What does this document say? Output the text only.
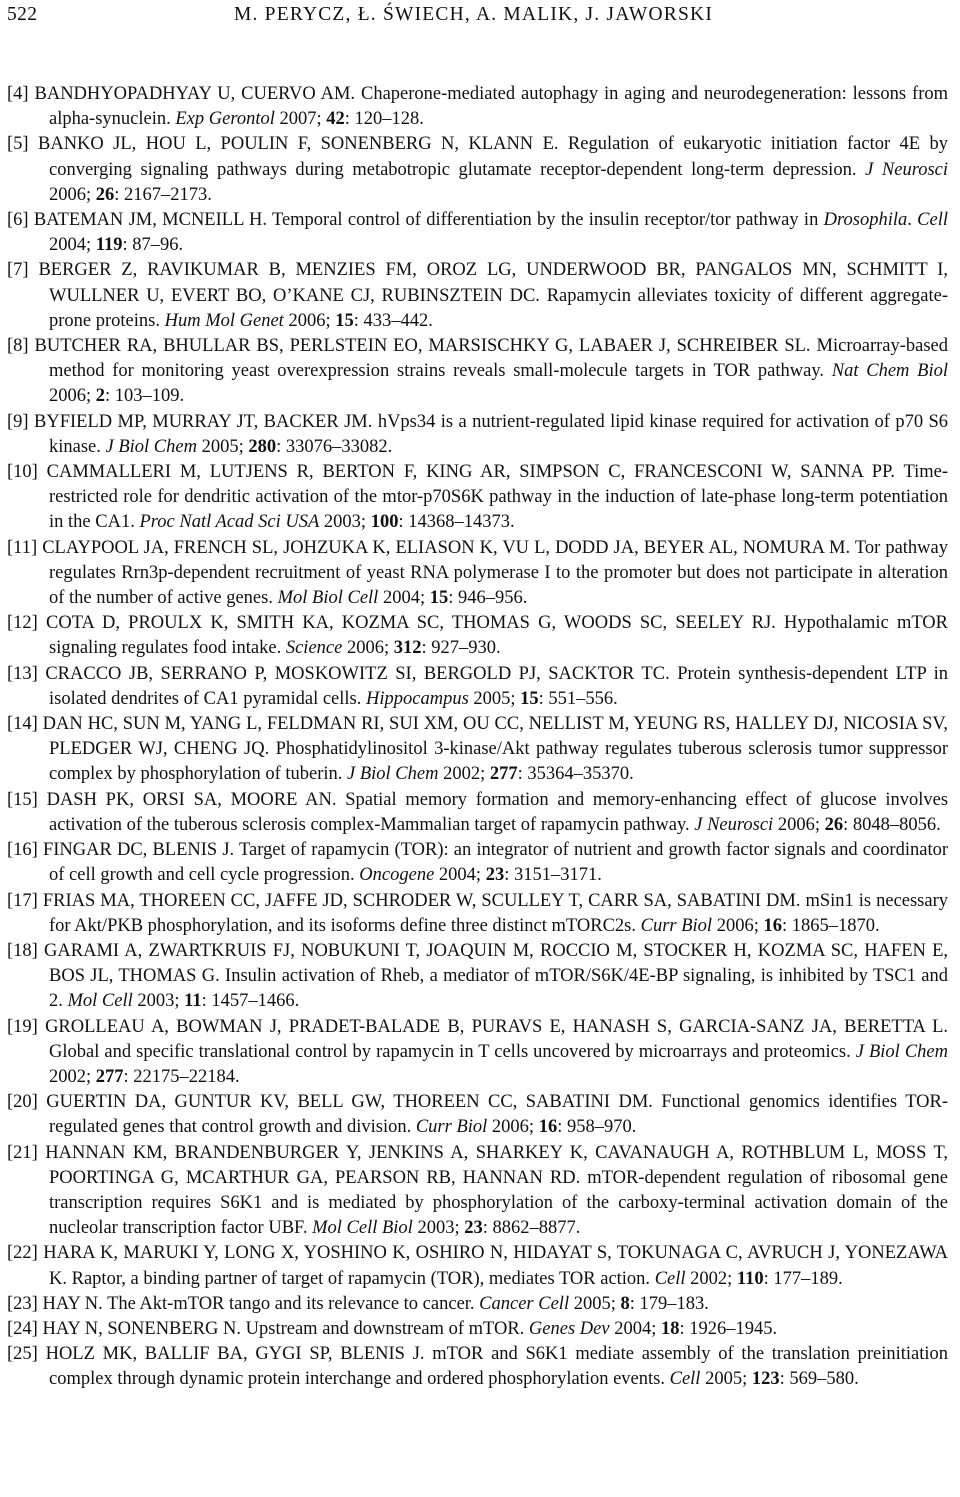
522	M. PERYCZ, Ł. ŚWIECH, A. MALIK, J. JAWORSKI

[4] BANDHYOPADHYAY U, CUERVO AM. Chaperone-mediated autophagy in aging and neurodegeneration: lessons from alpha-synuclein. Exp Gerontol 2007; 42: 120–128.

[5] BANKO JL, HOU L, POULIN F, SONENBERG N, KLANN E. Regulation of eukaryotic initiation factor 4E by converging signaling pathways during metabotropic glutamate receptor-dependent long-term depression. J Neurosci 2006; 26: 2167–2173.

[6] BATEMAN JM, MCNEILL H. Temporal control of differentiation by the insulin receptor/tor pathway in Drosophila. Cell 2004; 119: 87–96.

[7] BERGER Z, RAVIKUMAR B, MENZIES FM, OROZ LG, UNDERWOOD BR, PANGALOS MN, SCHMITT I, WULLNER U, EVERT BO, O’KANE CJ, RUBINSZTEIN DC. Rapamycin alleviates toxicity of different aggregate-prone proteins. Hum Mol Genet 2006; 15: 433–442.

[8] BUTCHER RA, BHULLAR BS, PERLSTEIN EO, MARSISCHKY G, LABAER J, SCHREIBER SL. Microarray-based method for monitoring yeast overexpression strains reveals small-molecule targets in TOR pathway. Nat Chem Biol 2006; 2: 103–109.

[9] BYFIELD MP, MURRAY JT, BACKER JM. hVps34 is a nutrient-regulated lipid kinase required for activation of p70 S6 kinase. J Biol Chem 2005; 280: 33076–33082.

[10] CAMMALLERI M, LUTJENS R, BERTON F, KING AR, SIMPSON C, FRANCESCONI W, SANNA PP. Time-restricted role for dendritic activation of the mtor-p70S6K pathway in the induction of late-phase long-term potentiation in the CA1. Proc Natl Acad Sci USA 2003; 100: 14368–14373.

[11] CLAYPOOL JA, FRENCH SL, JOHZUKA K, ELIASON K, VU L, DODD JA, BEYER AL, NOMURA M. Tor pathway regulates Rrn3p-dependent recruitment of yeast RNA polymerase I to the promoter but does not participate in alteration of the number of active genes. Mol Biol Cell 2004; 15: 946–956.

[12] COTA D, PROULX K, SMITH KA, KOZMA SC, THOMAS G, WOODS SC, SEELEY RJ. Hypothalamic mTOR signaling regulates food intake. Science 2006; 312: 927–930.

[13] CRACCO JB, SERRANO P, MOSKOWITZ SI, BERGOLD PJ, SACKTOR TC. Protein synthesis-dependent LTP in isolated dendrites of CA1 pyramidal cells. Hippocampus 2005; 15: 551–556.

[14] DAN HC, SUN M, YANG L, FELDMAN RI, SUI XM, OU CC, NELLIST M, YEUNG RS, HALLEY DJ, NICOSIA SV, PLEDGER WJ, CHENG JQ. Phosphatidylinositol 3-kinase/Akt pathway regulates tuberous sclerosis tumor suppressor complex by phosphorylation of tuberin. J Biol Chem 2002; 277: 35364–35370.

[15] DASH PK, ORSI SA, MOORE AN. Spatial memory formation and memory-enhancing effect of glucose involves activation of the tuberous sclerosis complex-Mammalian target of rapamycin pathway. J Neurosci 2006; 26: 8048–8056.

[16] FINGAR DC, BLENIS J. Target of rapamycin (TOR): an integrator of nutrient and growth factor signals and coordinator of cell growth and cell cycle progression. Oncogene 2004; 23: 3151–3171.

[17] FRIAS MA, THOREEN CC, JAFFE JD, SCHRODER W, SCULLEY T, CARR SA, SABATINI DM. mSin1 is necessary for Akt/PKB phosphorylation, and its isoforms define three distinct mTORC2s. Curr Biol 2006; 16: 1865–1870.

[18] GARAMI A, ZWARTKRUIS FJ, NOBUKUNI T, JOAQUIN M, ROCCIO M, STOCKER H, KOZMA SC, HAFEN E, BOS JL, THOMAS G. Insulin activation of Rheb, a mediator of mTOR/S6K/4E-BP signaling, is inhibited by TSC1 and 2. Mol Cell 2003; 11: 1457–1466.

[19] GROLLEAU A, BOWMAN J, PRADET-BALADE B, PURAVS E, HANASH S, GARCIA-SANZ JA, BERETTA L. Global and specific translational control by rapamycin in T cells uncovered by microarrays and proteomics. J Biol Chem 2002; 277: 22175–22184.

[20] GUERTIN DA, GUNTUR KV, BELL GW, THOREEN CC, SABATINI DM. Functional genomics identifies TOR-regulated genes that control growth and division. Curr Biol 2006; 16: 958–970.

[21] HANNAN KM, BRANDENBURGER Y, JENKINS A, SHARKEY K, CAVANAUGH A, ROTHBLUM L, MOSS T, POORTINGA G, MCARTHUR GA, PEARSON RB, HANNAN RD. mTOR-dependent regulation of ribosomal gene transcription requires S6K1 and is mediated by phosphorylation of the carboxy-terminal activation domain of the nucleolar transcription factor UBF. Mol Cell Biol 2003; 23: 8862–8877.

[22] HARA K, MARUKI Y, LONG X, YOSHINO K, OSHIRO N, HIDAYAT S, TOKUNAGA C, AVRUCH J, YONEZAWA K. Raptor, a binding partner of target of rapamycin (TOR), mediates TOR action. Cell 2002; 110: 177–189.

[23] HAY N. The Akt-mTOR tango and its relevance to cancer. Cancer Cell 2005; 8: 179–183.

[24] HAY N, SONENBERG N. Upstream and downstream of mTOR. Genes Dev 2004; 18: 1926–1945.

[25] HOLZ MK, BALLIF BA, GYGI SP, BLENIS J. mTOR and S6K1 mediate assembly of the translation preinitiation complex through dynamic protein interchange and ordered phosphorylation events. Cell 2005; 123: 569–580.
